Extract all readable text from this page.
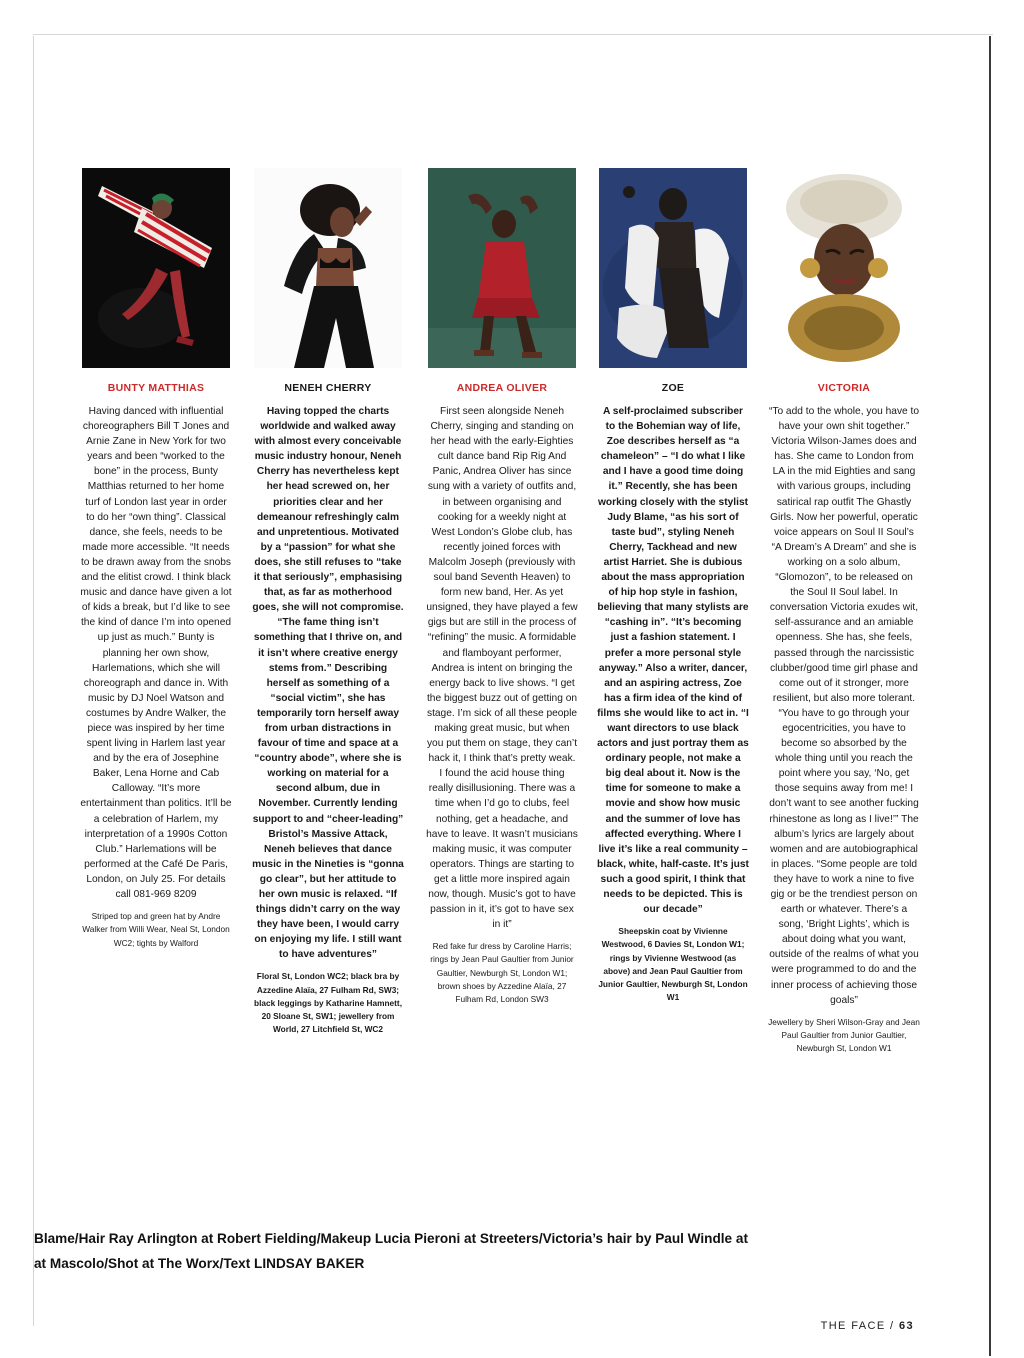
BUNTY MATTHIAS
Having danced with influential choreographers Bill T Jones and Arnie Zane in New York for two years and been “worked to the bone” in the process, Bunty Matthias returned to her home turf of London last year in order to do her “own thing”. Classical dance, she feels, needs to be made more accessible. “It needs to be drawn away from the snobs and the elitist crowd. I think black music and dance have given a lot of kids a break, but I’d like to see the kind of dance I’m into opened up just as much.” Bunty is planning her own show, Harlemations, which she will choreograph and dance in. With music by DJ Noel Watson and costumes by Andre Walker, the piece was inspired by her time spent living in Harlem last year and by the era of Josephine Baker, Lena Horne and Cab Calloway. “It’s more entertainment than politics. It’ll be a celebration of Harlem, my interpretation of a 1990s Cotton Club.” Harlemations will be performed at the Café De Paris, London, on July 25. For details call 081-969 8209
Striped top and green hat by Andre Walker from Willi Wear, Neal St, London WC2; tights by Walford
NENEH CHERRY
Having topped the charts worldwide and walked away with almost every conceivable music industry honour, Neneh Cherry has nevertheless kept her head screwed on, her priorities clear and her demeanour refreshingly calm and unpretentious. Motivated by a “passion” for what she does, she still refuses to “take it that seriously”, emphasising that, as far as motherhood goes, she will not compromise. “The fame thing isn’t something that I thrive on, and it isn’t where creative energy stems from.” Describing herself as something of a “social victim”, she has temporarily torn herself away from urban distractions in favour of time and space at a “country abode”, where she is working on material for a second album, due in November. Currently lending support to and “cheer-leading” Bristol’s Massive Attack, Neneh believes that dance music in the Nineties is “gonna go clear”, but her attitude to her own music is relaxed. “If things didn’t carry on the way they have been, I would carry on enjoying my life. I still want to have adventures”
Floral St, London WC2; black bra by Azzedine Alaïa, 27 Fulham Rd, SW3; black leggings by Katharine Hamnett, 20 Sloane St, SW1; jewellery from World, 27 Litchfield St, WC2
ANDREA OLIVER
First seen alongside Neneh Cherry, singing and standing on her head with the early-Eighties cult dance band Rip Rig And Panic, Andrea Oliver has since sung with a variety of outfits and, in between organising and cooking for a weekly night at West London’s Globe club, has recently joined forces with Malcolm Joseph (previously with soul band Seventh Heaven) to form new band, Her. As yet unsigned, they have played a few gigs but are still in the process of “refining” the music. A formidable and flamboyant performer, Andrea is intent on bringing the energy back to live shows. “I get the biggest buzz out of getting on stage. I’m sick of all these people making great music, but when you put them on stage, they can’t hack it, I think that’s pretty weak. I found the acid house thing really disillusioning. There was a time when I’d go to clubs, feel nothing, get a headache, and have to leave. It wasn’t musicians making music, it was computer operators. Things are starting to get a little more inspired again now, though. Music’s got to have passion in it, it’s got to have sex in it”
Red fake fur dress by Caroline Harris; rings by Jean Paul Gaultier from Junior Gaultier, Newburgh St, London W1; brown shoes by Azzedine Alaïa, 27 Fulham Rd, London SW3
ZOE
A self-proclaimed subscriber to the Bohemian way of life, Zoe describes herself as “a chameleon” – “I do what I like and I have a good time doing it.” Recently, she has been working closely with the stylist Judy Blame, “as his sort of taste bud”, styling Neneh Cherry, Tackhead and new artist Harriet. She is dubious about the mass appropriation of hip hop style in fashion, believing that many stylists are “cashing in”. “It’s becoming just a fashion statement. I prefer a more personal style anyway.” Also a writer, dancer, and an aspiring actress, Zoe has a firm idea of the kind of films she would like to act in. “I want directors to use black actors and just portray them as ordinary people, not make a big deal about it. Now is the time for someone to make a movie and show how music and the summer of love has affected everything. Where I live it’s like a real community – black, white, half-caste. It’s just such a good spirit, I think that needs to be depicted. This is our decade”
Sheepskin coat by Vivienne Westwood, 6 Davies St, London W1; rings by Vivienne Westwood (as above) and Jean Paul Gaultier from Junior Gaultier, Newburgh St, London W1
VICTORIA
“To add to the whole, you have to have your own shit together.” Victoria Wilson-James does and has. She came to London from LA in the mid Eighties and sang with various groups, including satirical rap outfit The Ghastly Girls. Now her powerful, operatic voice appears on Soul II Soul’s “A Dream’s A Dream” and she is working on a solo album, “Glomozon”, to be released on the Soul II Soul label. In conversation Victoria exudes wit, self-assurance and an amiable openness. She has, she feels, passed through the narcissistic clubber/good time girl phase and come out of it stronger, more resilient, but also more tolerant. “You have to go through your egocentricities, you have to become so absorbed by the whole thing until you reach the point where you say, ‘No, get those sequins away from me! I don’t want to see another fucking rhinestone as long as I live!’” The album’s lyrics are largely about women and are autobiographical in places. “Some people are told they have to work a nine to five gig or be the trendiest person on earth or whatever. There’s a song, ‘Bright Lights’, which is about doing what you want, outside of the realms of what you were programmed to do and the inner process of achieving those goals”
Jewellery by Sheri Wilson-Gray and Jean Paul Gaultier from Junior Gaultier, Newburgh St, London W1
Blame/Hair Ray Arlington at Robert Fielding/Makeup Lucia Pieroni at Streeters/Victoria’s hair by Paul Windle at
at Mascolo/Shot at The Worx/Text LINDSAY BAKER
THE FACE / 63
